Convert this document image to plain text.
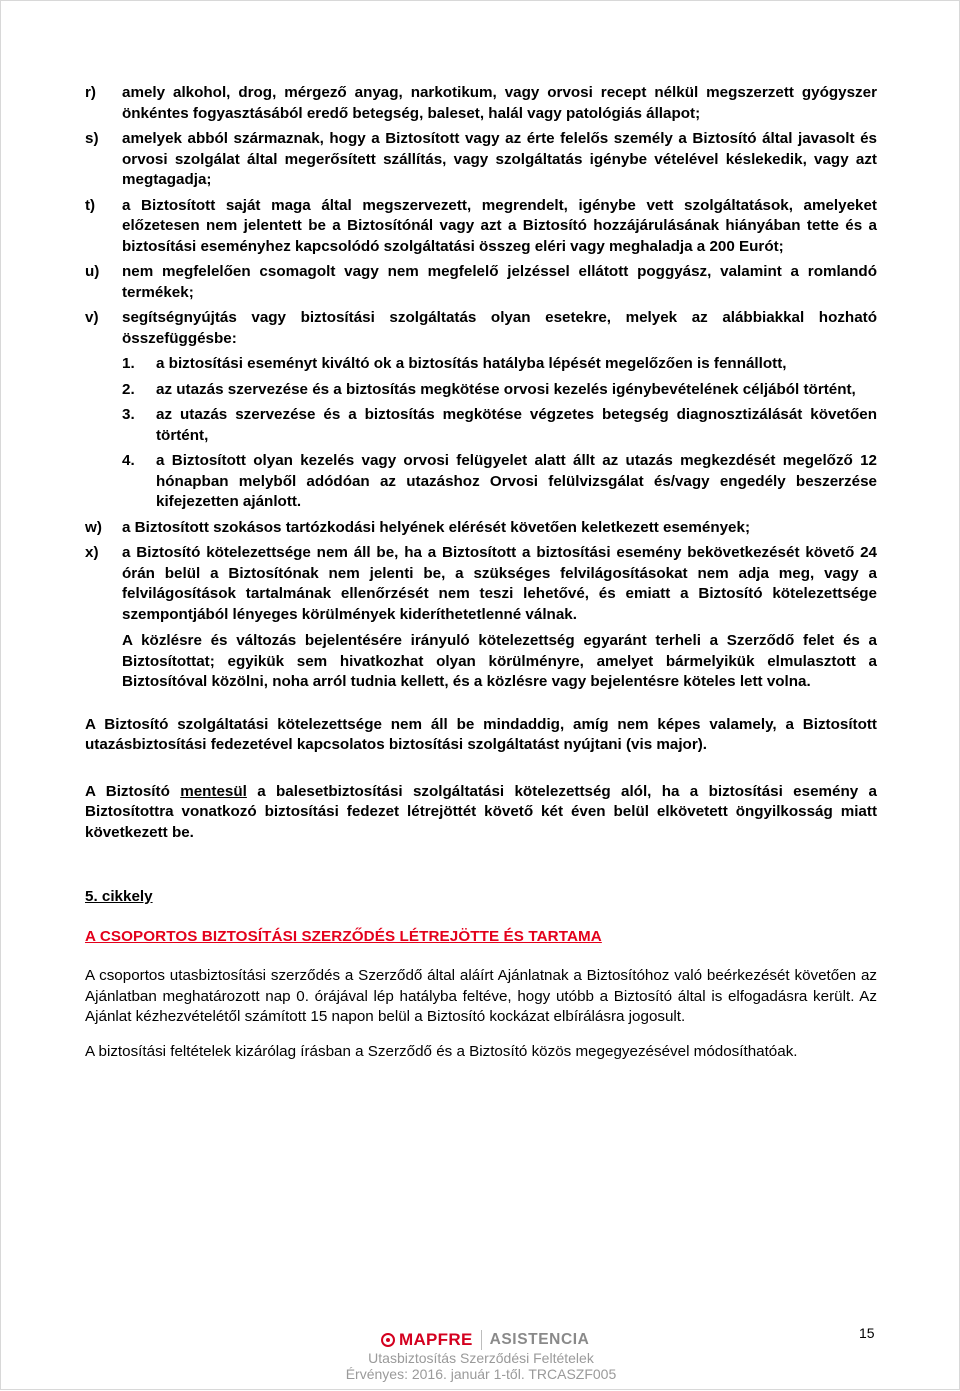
r)	amely alkohol, drog, mérgező anyag, narkotikum, vagy orvosi recept nélkül megszerzett gyógyszer önkéntes fogyasztásából eredő betegség, baleset, halál vagy patológiás állapot;
s)	amelyek abból származnak, hogy a Biztosított vagy az érte felelős személy a Biztosító által javasolt és orvosi szolgálat által megerősített szállítás, vagy szolgáltatás igénybe vételével késlekedik, vagy azt megtagadja;
t)	a Biztosított saját maga által megszervezett, megrendelt, igénybe vett szolgáltatások, amelyeket előzetesen nem jelentett be a Biztosítónál vagy azt a Biztosító hozzájárulásának hiányában tette és a biztosítási eseményhez kapcsolódó szolgáltatási összeg eléri vagy meghaladja a 200 Eurót;
u)	nem megfelelően csomagolt vagy nem megfelelő jelzéssel ellátott poggyász, valamint a romlandó termékek;
v)	segítségnyújtás vagy biztosítási szolgáltatás olyan esetekre, melyek az alábbiakkal hozható összefüggésbe:
1.	a biztosítási eseményt kiváltó ok a biztosítás hatályba lépését megelőzően is fennállott,
2.	az utazás szervezése és a biztosítás megkötése orvosi kezelés igénybevételének céljából történt,
3.	az utazás szervezése és a biztosítás megkötése végzetes betegség diagnosztizálását követően történt,
4.	a Biztosított olyan kezelés vagy orvosi felügyelet alatt állt az utazás megkezdését megelőző 12 hónapban melyből adódóan az utazáshoz Orvosi felülvizsgálat és/vagy engedély beszerzése kifejezetten ajánlott.
w)	a Biztosított szokásos tartózkodási helyének elérését követően keletkezett események;
x)	a Biztosító kötelezettsége nem áll be, ha a Biztosított a biztosítási esemény bekövetkezését követő 24 órán belül a Biztosítónak nem jelenti be, a szükséges felvilágosításokat nem adja meg, vagy a felvilágosítások tartalmának ellenőrzését nem teszi lehetővé, és emiatt a Biztosító kötelezettsége szempontjából lényeges körülmények kideríthetetlenné válnak.
A közlésre és változás bejelentésére irányuló kötelezettség egyaránt terheli a Szerződő felet és a Biztosítottat; egyikük sem hivatkozhat olyan körülményre, amelyet bármelyikük elmulasztott a Biztosítóval közölni, noha arról tudnia kellett, és a közlésre vagy bejelentésre köteles lett volna.
A Biztosító szolgáltatási kötelezettsége nem áll be mindaddig, amíg nem képes valamely, a Biztosított utazásbiztosítási fedezetével kapcsolatos biztosítási szolgáltatást nyújtani (vis major).
A Biztosító mentesül a balesetbiztosítási szolgáltatási kötelezettség alól, ha a biztosítási esemény a Biztosítottra vonatkozó biztosítási fedezet létrejöttét követő két éven belül elkövetett öngyilkosság miatt következett be.
5. cikkely
A CSOPORTOS BIZTOSÍTÁSI SZERZŐDÉS LÉTREJÖTTE ÉS TARTAMA
A csoportos utasbiztosítási szerződés a Szerződő által aláírt Ajánlatnak a Biztosítóhoz való beérkezését követően az Ajánlatban meghatározott nap 0. órájával lép hatályba feltéve, hogy utóbb a Biztosító által is elfogadásra került. Az Ajánlat kézhezvételétől számított 15 napon belül a Biztosító kockázat elbírálásra jogosult.
A biztosítási feltételek kizárólag írásban a Szerződő és a Biztosító közös megegyezésével módosíthatóak.
MAPFRE ASISTENCIA
Utasbiztosítás Szerződési Feltételek
Érvényes: 2016. január 1-től. TRCASZF005
15
